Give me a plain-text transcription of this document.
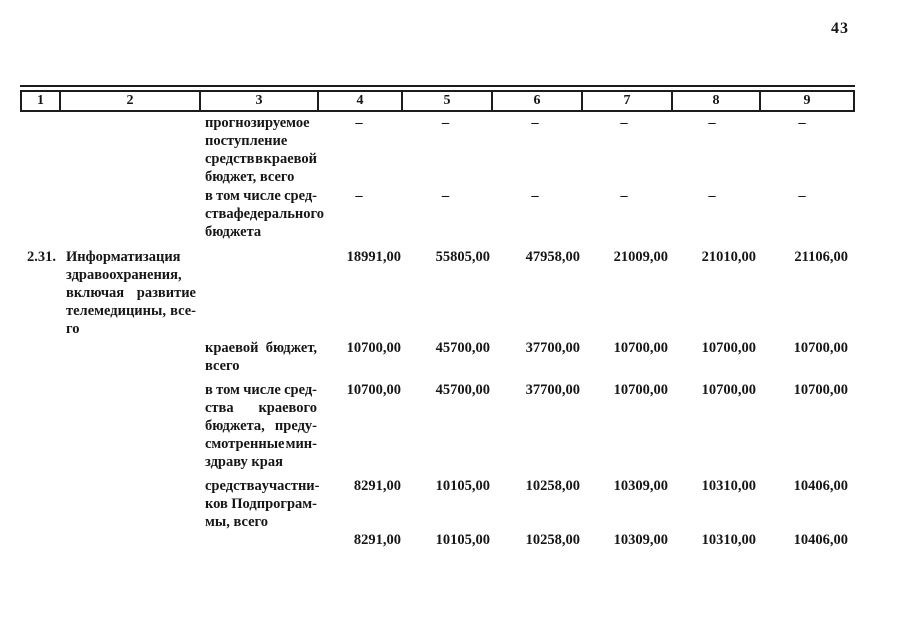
43
1	2	3	4	5	6	7	8	9
прогнозируемое
поступление
средств в краевой
бюджет, всего
–	–	–	–	–	–
в том числе сред-
ства федерального
бюджета
–	–	–	–	–	–
2.31. Информатизация
здравоохранения,
включая развитие
телемедицины, все-
го
18991,00	55805,00	47958,00	21009,00	21010,00	21106,00
краевой бюджет,
всего
10700,00	45700,00	37700,00	10700,00	10700,00	10700,00
в том числе сред-
ства краевого
бюджета, преду-
смотренные мин-
здраву края
10700,00	45700,00	37700,00	10700,00	10700,00	10700,00
средства участни-
ков Подпрограм-
мы, всего
8291,00	10105,00	10258,00	10309,00	10310,00	10406,00
8291,00	10105,00	10258,00	10309,00	10310,00	10406,00
